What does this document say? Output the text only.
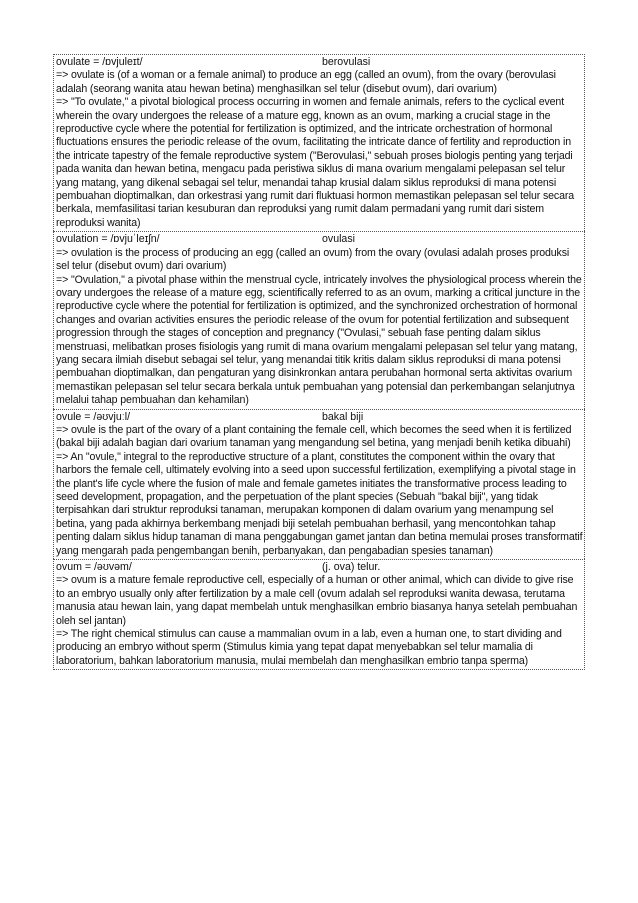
ovulate = /ɒvjuleɪt/	berovulasi

=> ovulate is (of a woman or a female animal) to produce an egg (called an ovum), from the ovary (berovulasi adalah (seorang wanita atau hewan betina) menghasilkan sel telur (disebut ovum), dari ovarium)

=> "To ovulate," a pivotal biological process occurring in women and female animals, refers to the cyclical event wherein the ovary undergoes the release of a mature egg, known as an ovum, marking a crucial stage in the reproductive cycle where the potential for fertilization is optimized, and the intricate orchestration of hormonal fluctuations ensures the periodic release of the ovum, facilitating the intricate dance of fertility and reproduction in the intricate tapestry of the female reproductive system ("Berovulasi," sebuah proses biologis penting yang terjadi pada wanita dan hewan betina, mengacu pada peristiwa siklus di mana ovarium mengalami pelepasan sel telur yang matang, yang dikenal sebagai sel telur, menandai tahap krusial dalam siklus reproduksi di mana potensi pembuahan dioptimalkan, dan orkestrasi yang rumit dari fluktuasi hormon memastikan pelepasan sel telur secara berkala, memfasilitasi tarian kesuburan dan reproduksi yang rumit dalam permadani yang rumit dari sistem reproduksi wanita)

ovulation = /ɒvjuˈleɪʃn/	ovulasi

=> ovulation is the process of producing an egg (called an ovum) from the ovary (ovulasi adalah proses produksi sel telur (disebut ovum) dari ovarium)

=> "Ovulation," a pivotal phase within the menstrual cycle, intricately involves the physiological process wherein the ovary undergoes the release of a mature egg, scientifically referred to as an ovum, marking a critical juncture in the reproductive cycle where the potential for fertilization is optimized, and the synchronized orchestration of hormonal changes and ovarian activities ensures the periodic release of the ovum for potential fertilization and subsequent progression through the stages of conception and pregnancy ("Ovulasi," sebuah fase penting dalam siklus menstruasi, melibatkan proses fisiologis yang rumit di mana ovarium mengalami pelepasan sel telur yang matang, yang secara ilmiah disebut sebagai sel telur, yang menandai titik kritis dalam siklus reproduksi di mana potensi pembuahan dioptimalkan, dan pengaturan yang disinkronkan antara perubahan hormonal serta aktivitas ovarium memastikan pelepasan sel telur secara berkala untuk pembuahan yang potensial dan perkembangan selanjutnya melalui tahap pembuahan dan kehamilan)

ovule = /əʊvjuːl/	bakal biji

=> ovule is the part of the ovary of a plant containing the female cell, which becomes the seed when it is fertilized (bakal biji adalah bagian dari ovarium tanaman yang mengandung sel betina, yang menjadi benih ketika dibuahi)

=> An "ovule," integral to the reproductive structure of a plant, constitutes the component within the ovary that harbors the female cell, ultimately evolving into a seed upon successful fertilization, exemplifying a pivotal stage in the plant's life cycle where the fusion of male and female gametes initiates the transformative process leading to seed development, propagation, and the perpetuation of the plant species (Sebuah "bakal biji", yang tidak terpisahkan dari struktur reproduksi tanaman, merupakan komponen di dalam ovarium yang menampung sel betina, yang pada akhirnya berkembang menjadi biji setelah pembuahan berhasil, yang mencontohkan tahap penting dalam siklus hidup tanaman di mana penggabungan gamet jantan dan betina memulai proses transformatif yang mengarah pada pengembangan benih, perbanyakan, dan pengabadian spesies tanaman)

ovum = /əʊvəm/	(j. ova) telur.

=> ovum is a mature female reproductive cell, especially of a human or other animal, which can divide to give rise to an embryo usually only after fertilization by a male cell (ovum adalah sel reproduksi wanita dewasa, terutama manusia atau hewan lain, yang dapat membelah untuk menghasilkan embrio biasanya hanya setelah pembuahan oleh sel jantan)

=> The right chemical stimulus can cause a mammalian ovum in a lab, even a human one, to start dividing and producing an embryo without sperm (Stimulus kimia yang tepat dapat menyebabkan sel telur mamalia di laboratorium, bahkan laboratorium manusia, mulai membelah dan menghasilkan embrio tanpa sperma)
